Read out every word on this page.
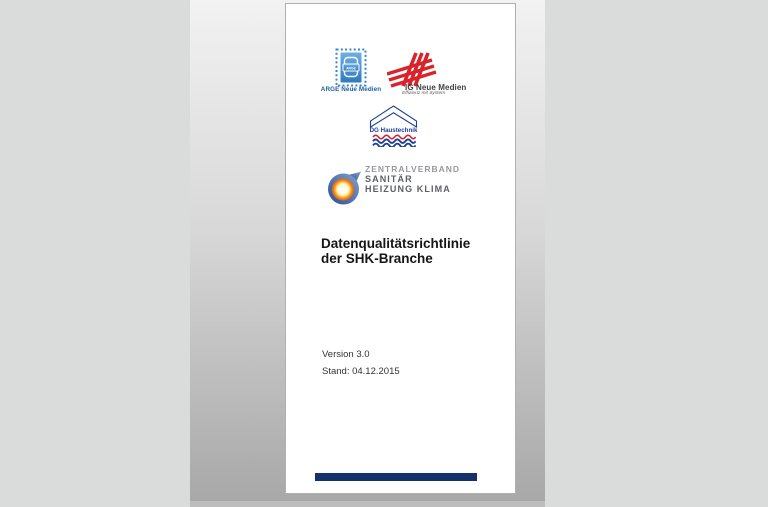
ARGE
ARGE Neue Medien	IG Neue Medien
Effizienz mit System
DG Haustechnik
ZENTRALVERBAND
SANITÄR
HEIZUNG KLIMA
Datenqualitätsrichtlinie
der SHK-Branche
Version 3.0
Stand: 04.12.2015
